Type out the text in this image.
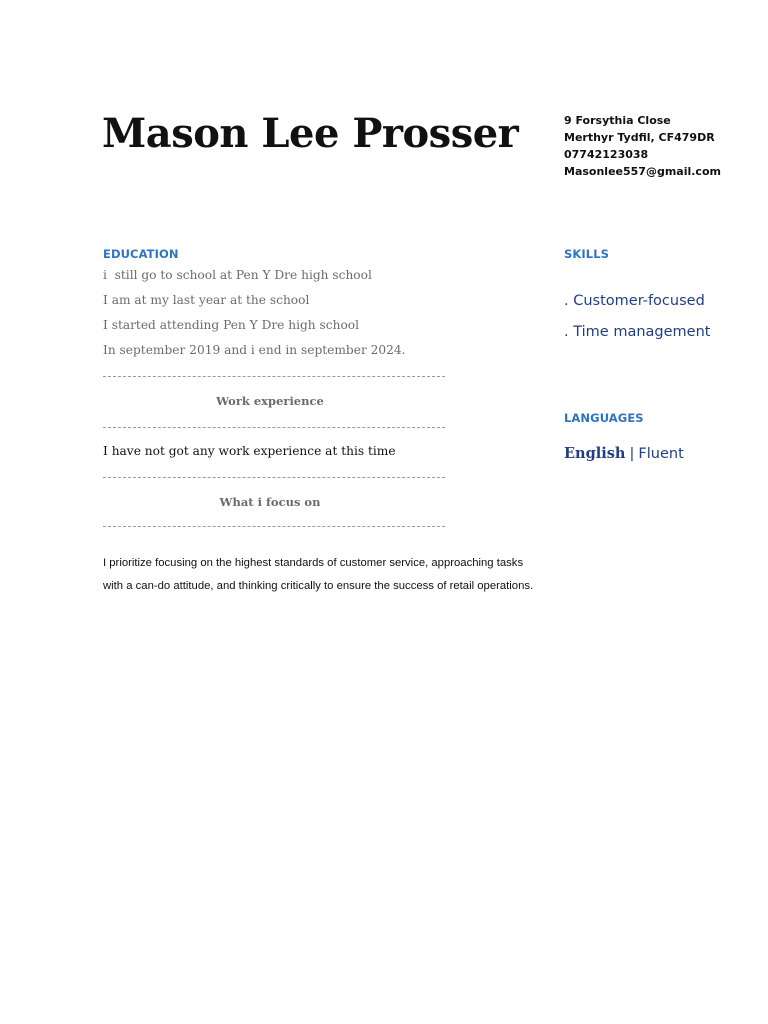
Mason Lee Prosser	9 Forsythia Close
Merthyr Tydfil, CF479DR
07742123038
Masonlee557@gmail.com
EDUCATION
i  still go to school at Pen Y Dre high school
I am at my last year at the school
I started attending Pen Y Dre high school
In september 2019 and i end in september 2024.
Work experience
I have not got any work experience at this time
What i focus on
I prioritize focusing on the highest standards of customer service, approaching tasks with a can-do attitude, and thinking critically to ensure the success of retail operations.
SKILLS
. Customer-focused
. Time management
LANGUAGES
English | Fluent
